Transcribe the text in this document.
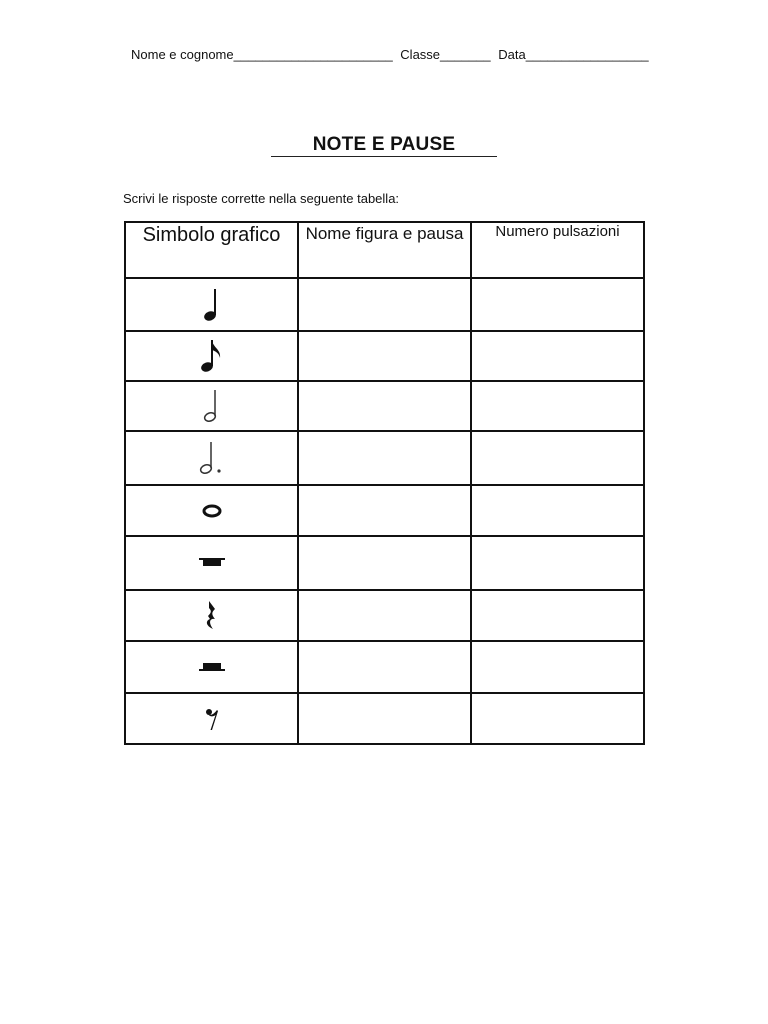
Nome e cognome______________________ Classe_______ Data_________________
NOTE E PAUSE
Scrivi le risposte corrette nella seguente tabella:
Simbolo grafico	Nome figura e pausa	Numero pulsazioni
